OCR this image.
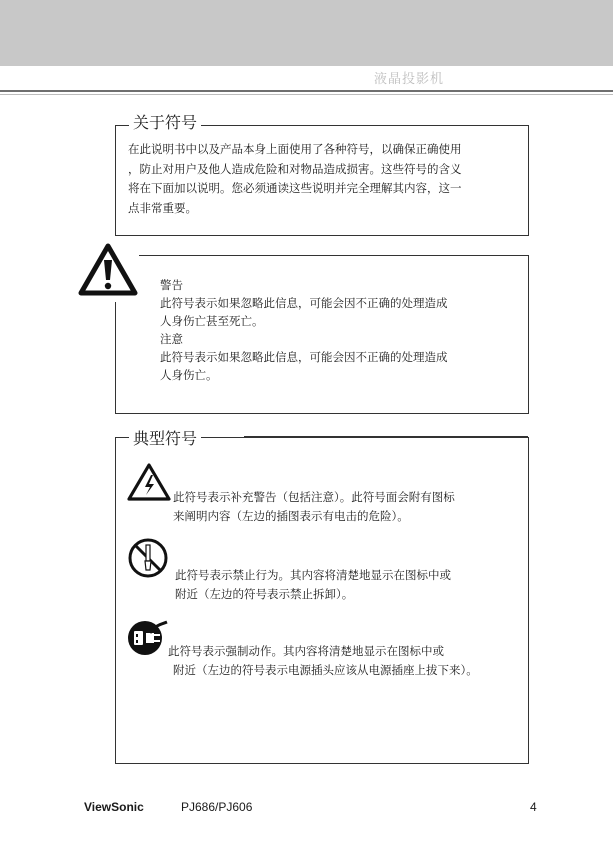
液晶投影机
关于符号
在此说明书中以及产品本身上面使用了各种符号，以确保正确使用
，防止对用户及他人造成危险和对物品造成损害。这些符号的含义
将在下面加以说明。您必须通读这些说明并完全理解其内容，这一
点非常重要。
警告
此符号表示如果忽略此信息，可能会因不正确的处理造成
人身伤亡甚至死亡。
注意
此符号表示如果忽略此信息，可能会因不正确的处理造成
人身伤亡。
典型符号
此符号表示补充警告（包括注意）。此符号面会附有图标
来阐明内容（左边的插图表示有电击的危险）。
此符号表示禁止行为。其内容将清楚地显示在图标中或
附近（左边的符号表示禁止拆卸）。
此符号表示强制动作。其内容将清楚地显示在图标中或
附近（左边的符号表示电源插头应该从电源插座上拔下来）。
ViewSonic	PJ686/PJ606	4
